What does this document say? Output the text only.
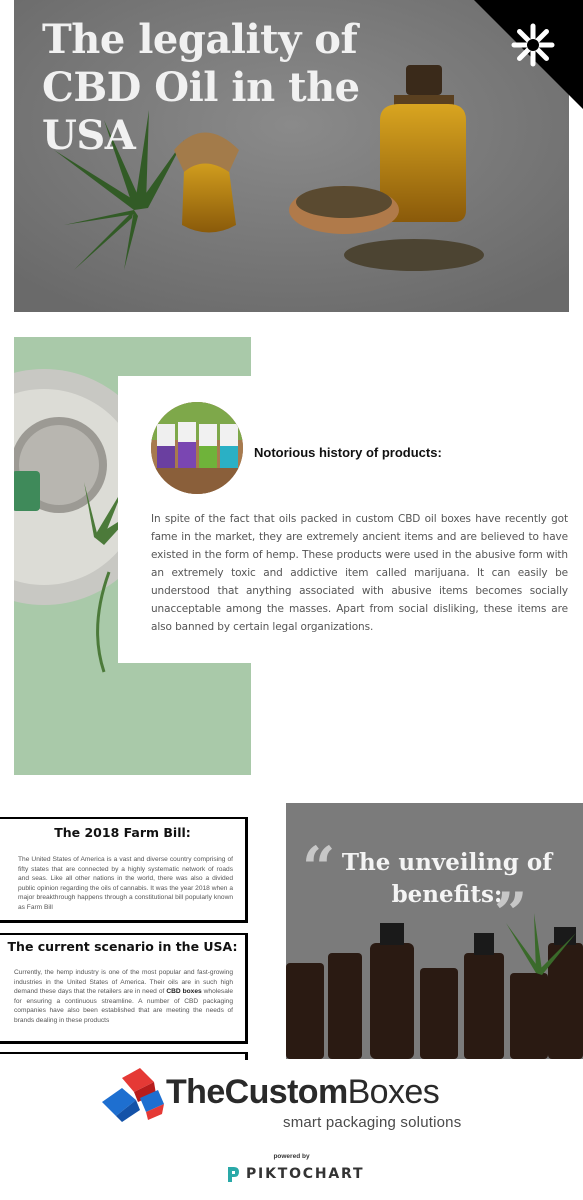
The legality of CBD Oil in the USA
Notorious history of products:

In spite of the fact that oils packed in custom CBD oil boxes have recently got fame in the market, they are extremely ancient items and are believed to have existed in the form of hemp. These products were used in the abusive form with an extremely toxic and addictive item called marijuana. It can easily be understood that anything associated with abusive items becomes socially unacceptable among the masses. Apart from social disliking, these items are also banned by certain legal organizations.

The 2018 Farm Bill:

The United States of America is a vast and diverse country comprising of fifty states that are connected by a highly systematic network of roads and seas. Like all other nations in the world, there was also a divided public opinion regarding the oils of cannabis. It was the year 2018 when a major breakthrough happens through a constitutional bill popularly known as Farm Bill

The current scenario in the USA:

Currently, the hemp industry is one of the most popular and fast-growing industries in the United States of America. Their oils are in such high demand these days that the retailers are in need of CBD boxes wholesale for ensuring a continuous streamline. A number of CBD packaging companies have also been established that are meeting the needs of brands dealing in these products

“ The unveiling of benefits:
”
TheCustomBoxes

smart packaging solutions

powered by
PIKTOCHART
